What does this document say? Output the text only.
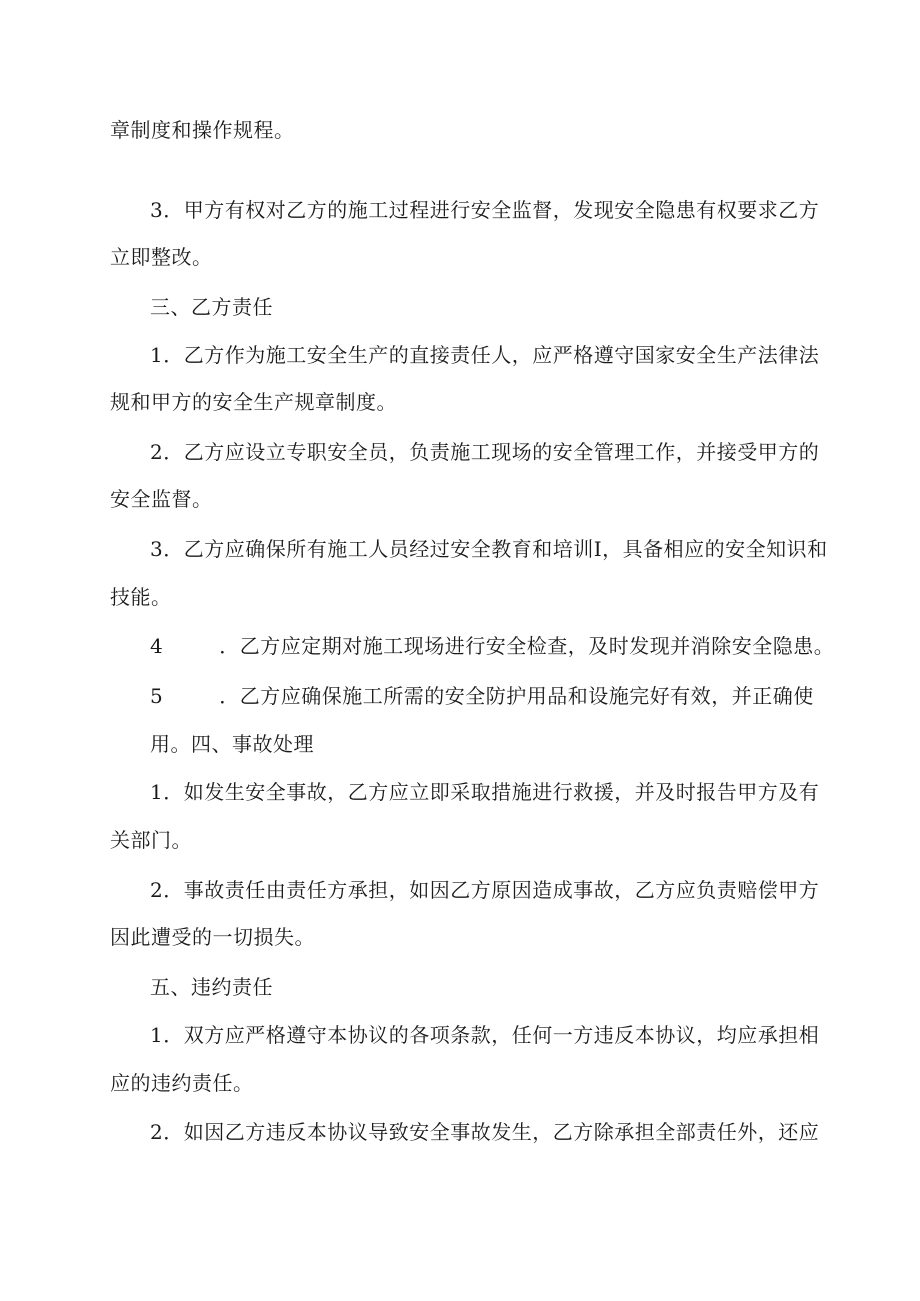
章制度和操作规程。
3．甲方有权对乙方的施工过程进行安全监督，发现安全隐患有权要求乙方
立即整改。
三、乙方责任
1．乙方作为施工安全生产的直接责任人，应严格遵守国家安全生产法律法
规和甲方的安全生产规章制度。
2．乙方应设立专职安全员，负责施工现场的安全管理工作，并接受甲方的
安全监督。
3．乙方应确保所有施工人员经过安全教育和培训I，具备相应的安全知识和
技能。
4	．乙方应定期对施工现场进行安全检查，及时发现并消除安全隐患。
5	．乙方应确保施工所需的安全防护用品和设施完好有效，并正确使
用。四、事故处理
1．如发生安全事故，乙方应立即采取措施进行救援，并及时报告甲方及有
关部门。
2．事故责任由责任方承担，如因乙方原因造成事故，乙方应负责赔偿甲方
因此遭受的一切损失。
五、违约责任
1．双方应严格遵守本协议的各项条款，任何一方违反本协议，均应承担相
应的违约责任。
2．如因乙方违反本协议导致安全事故发生，乙方除承担全部责任外，还应
